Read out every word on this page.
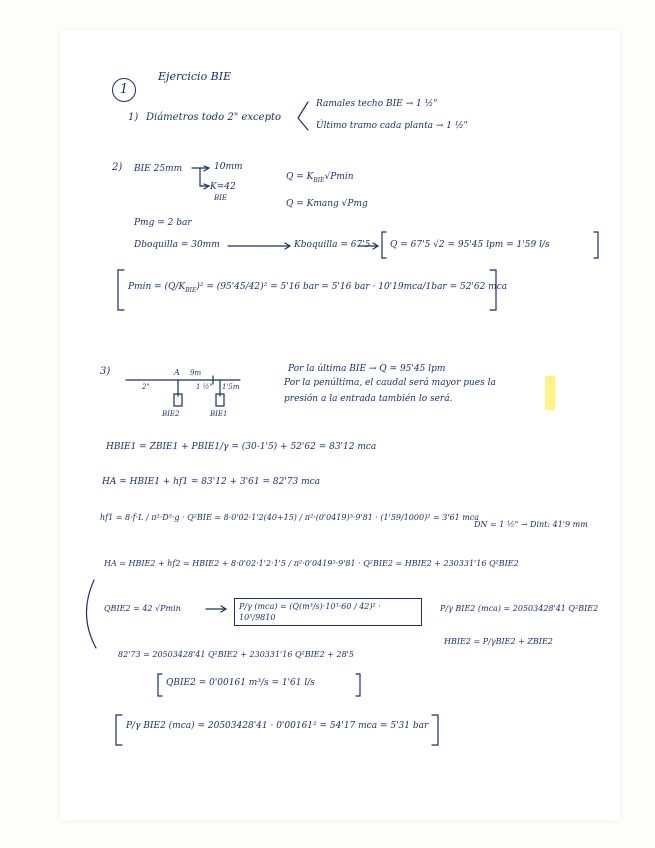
1
Ejercicio BIE
1) Diámetros todo 2" excepto
Ramales techo BIE → 1 ½"
Último tramo cada planta → 1 ½"
2) BIE 25mm	10mm
K=42
BIE
$Q = K_{BIE}√Pmin$
Q = Kmang √Pmg
Pmg = 2 bar
Dboquilla = 30mm	Kboquilla = 67'5 Q = 67'5 √2 = 95'45 lpm = 1'59 l/s
$Pmin = (Q/K_{BIE})^2 = (95'45/42)^2 = 5'16$ bar = 5'16 bar · 10'19mca/1bar = 52'62 mca
3)	A 9m
1'5m
2"	1 ½"
BIE2	BIE1
Por la última BIE → Q = 95'45 lpm
Por la penúltima, el caudal será mayor pues la
presión a la entrada también lo será.
HBIE1 = ZBIE1 + PBIE1/γ = (30-1'5) + 52'62 = 83'12 mca
HA = HBIE1 + hf1 = 83'12 + 3'61 = 82'73 mca
hf1 = 8·f·L / π²·D⁵·g · Q²BIE = 8·0'02·1'2(40+15) / π²·(0'0419)⁵·9'81 · (1'59/1000)² = 3'61 mca
DN = 1 ½" → Dint: 41'9 mm
HA = HBIE2 + hf2 = HBIE2 + 8·0'02·1'2·1'5 / π²·0'0419⁵·9'81 · Q²BIE2 = HBIE2 + 230331'16 Q²BIE2
QBIE2 = 42 √Pmin	P/γ (mca) = (Q(m³/s)·10³·60 / 42)² · 10⁵/9810
P/γ BIE2 (mca) = 20503428'41 Q²BIE2
HBIE2 = P/γBIE2 + ZBIE2
82'73 = 20503428'41 Q²BIE2 + 230331'16 Q²BIE2 + 28'5
QBIE2 = 0'00161 m³/s = 1'61 l/s
P/γ BIE2 (mca) = 20503428'41 · 0'00161² = 54'17 mca = 5'31 bar
